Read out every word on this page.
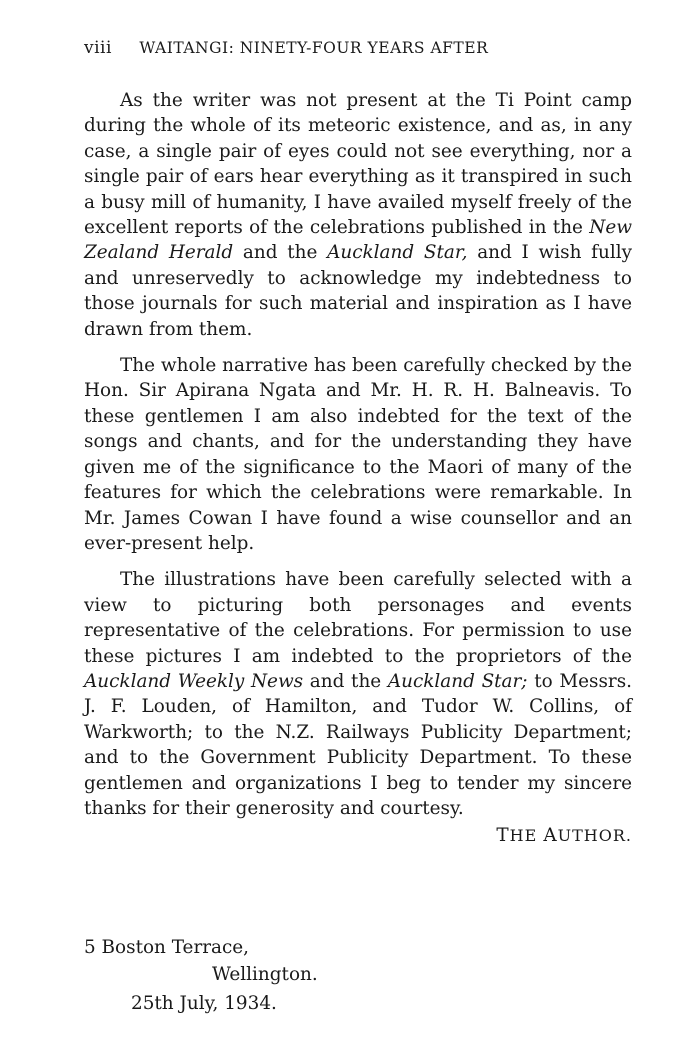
viii WAITANGI: NINETY-FOUR YEARS AFTER

As the writer was not present at the Ti Point camp during the whole of its meteoric existence, and as, in any case, a single pair of eyes could not see everything, nor a single pair of ears hear everything as it transpired in such a busy mill of humanity, I have availed myself freely of the excellent reports of the celebrations published in the New Zealand Herald and the Auckland Star, and I wish fully and unreservedly to acknowledge my indebtedness to those journals for such material and inspiration as I have drawn from them.

The whole narrative has been carefully checked by the Hon. Sir Apirana Ngata and Mr. H. R. H. Balneavis. To these gentlemen I am also indebted for the text of the songs and chants, and for the understanding they have given me of the significance to the Maori of many of the features for which the celebrations were remarkable. In Mr. James Cowan I have found a wise counsellor and an ever-present help.

The illustrations have been carefully selected with a view to picturing both personages and events representative of the celebrations. For permission to use these pictures I am indebted to the proprietors of the Auckland Weekly News and the Auckland Star; to Messrs. J. F. Louden, of Hamilton, and Tudor W. Collins, of Warkworth; to the N.Z. Railways Publicity Department; and to the Government Publicity Department. To these gentlemen and organizations I beg to tender my sincere thanks for their generosity and courtesy.

THE AUTHOR.
5 Boston Terrace,
Wellington.
25th July, 1934.
